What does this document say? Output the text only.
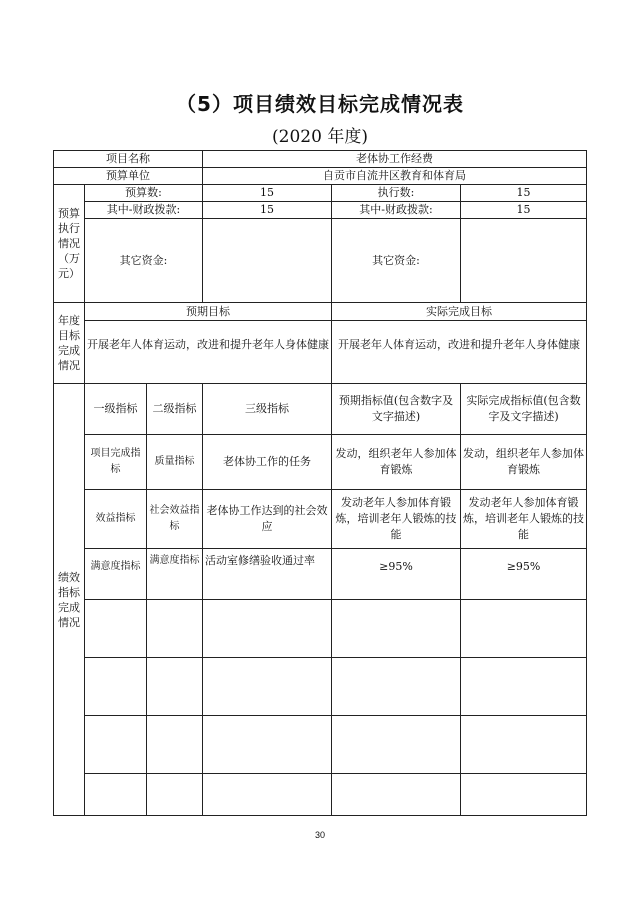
（5）项目绩效目标完成情况表
(2020 年度)
项目名称			老体协工作经费		
预算单位			自贡市自流井区教育和体育局		

预算执行情况（万元）	预算数:		15	执行数:	15
	其中-财政拨款:		15	其中-财政拨款:	15
	其它资金:			其它资金:	

年度目标完成情况	预期目标			实际完成目标	
	开展老年人体育运动，改进和提升老年人身体健康			开展老年人体育运动，改进和提升老年人身体健康	

绩效指标完成情况	一级指标	二级指标	三级指标	预期指标值(包含数字及文字描述)	实际完成指标值(包含数字及文字描述)
	项目完成指标	质量指标	老体协工作的任务	发动，组织老年人参加体育锻炼	发动，组织老年人参加体育锻炼
	效益指标	社会效益指标	老体协工作达到的社会效应	发动老年人参加体育锻炼，培训老年人锻炼的技能	发动老年人参加体育锻炼，培训老年人锻炼的技能
	满意度指标	满意度指标	活动室修缮验收通过率	≥95%	≥95%

30
